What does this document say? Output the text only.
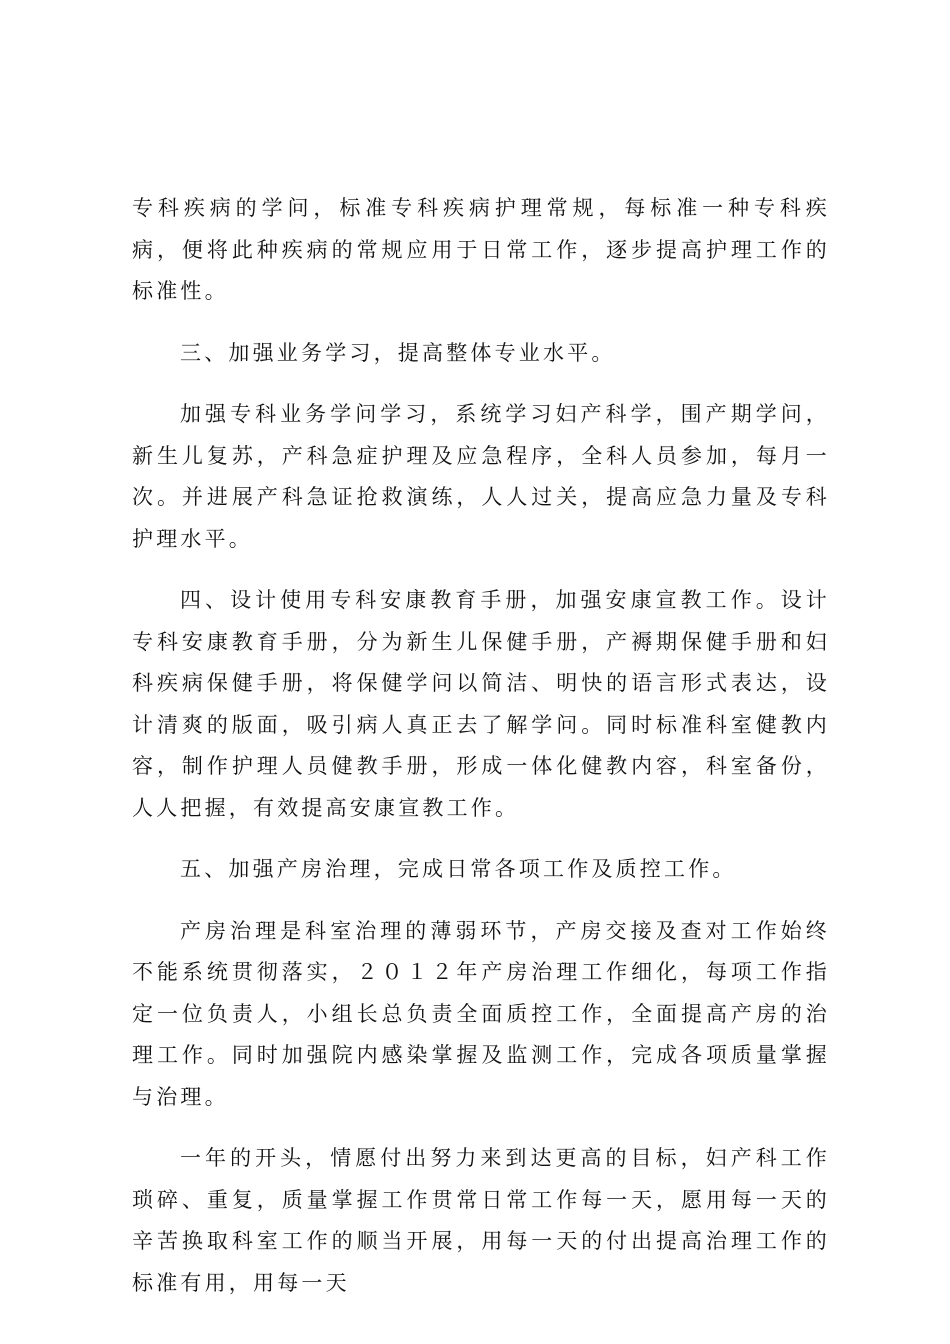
专科疾病的学问，标准专科疾病护理常规，每标准一种专科疾病，便将此种疾病的常规应用于日常工作，逐步提高护理工作的标准性。

三、加强业务学习，提高整体专业水平。

加强专科业务学问学习，系统学习妇产科学，围产期学问，新生儿复苏，产科急症护理及应急程序，全科人员参加，每月一次。并进展产科急证抢救演练，人人过关，提高应急力量及专科护理水平。

四、设计使用专科安康教育手册，加强安康宣教工作。设计专科安康教育手册，分为新生儿保健手册，产褥期保健手册和妇科疾病保健手册，将保健学问以简洁、明快的语言形式表达，设计清爽的版面，吸引病人真正去了解学问。同时标准科室健教内容，制作护理人员健教手册，形成一体化健教内容，科室备份，人人把握，有效提高安康宣教工作。

五、加强产房治理，完成日常各项工作及质控工作。

产房治理是科室治理的薄弱环节，产房交接及查对工作始终不能系统贯彻落实，２０１２年产房治理工作细化，每项工作指定一位负责人，小组长总负责全面质控工作，全面提高产房的治理工作。同时加强院内感染掌握及监测工作，完成各项质量掌握与治理。

一年的开头，情愿付出努力来到达更高的目标，妇产科工作琐碎、重复，质量掌握工作贯常日常工作每一天，愿用每一天的辛苦换取科室工作的顺当开展，用每一天的付出提高治理工作的标准有用，用每一天
